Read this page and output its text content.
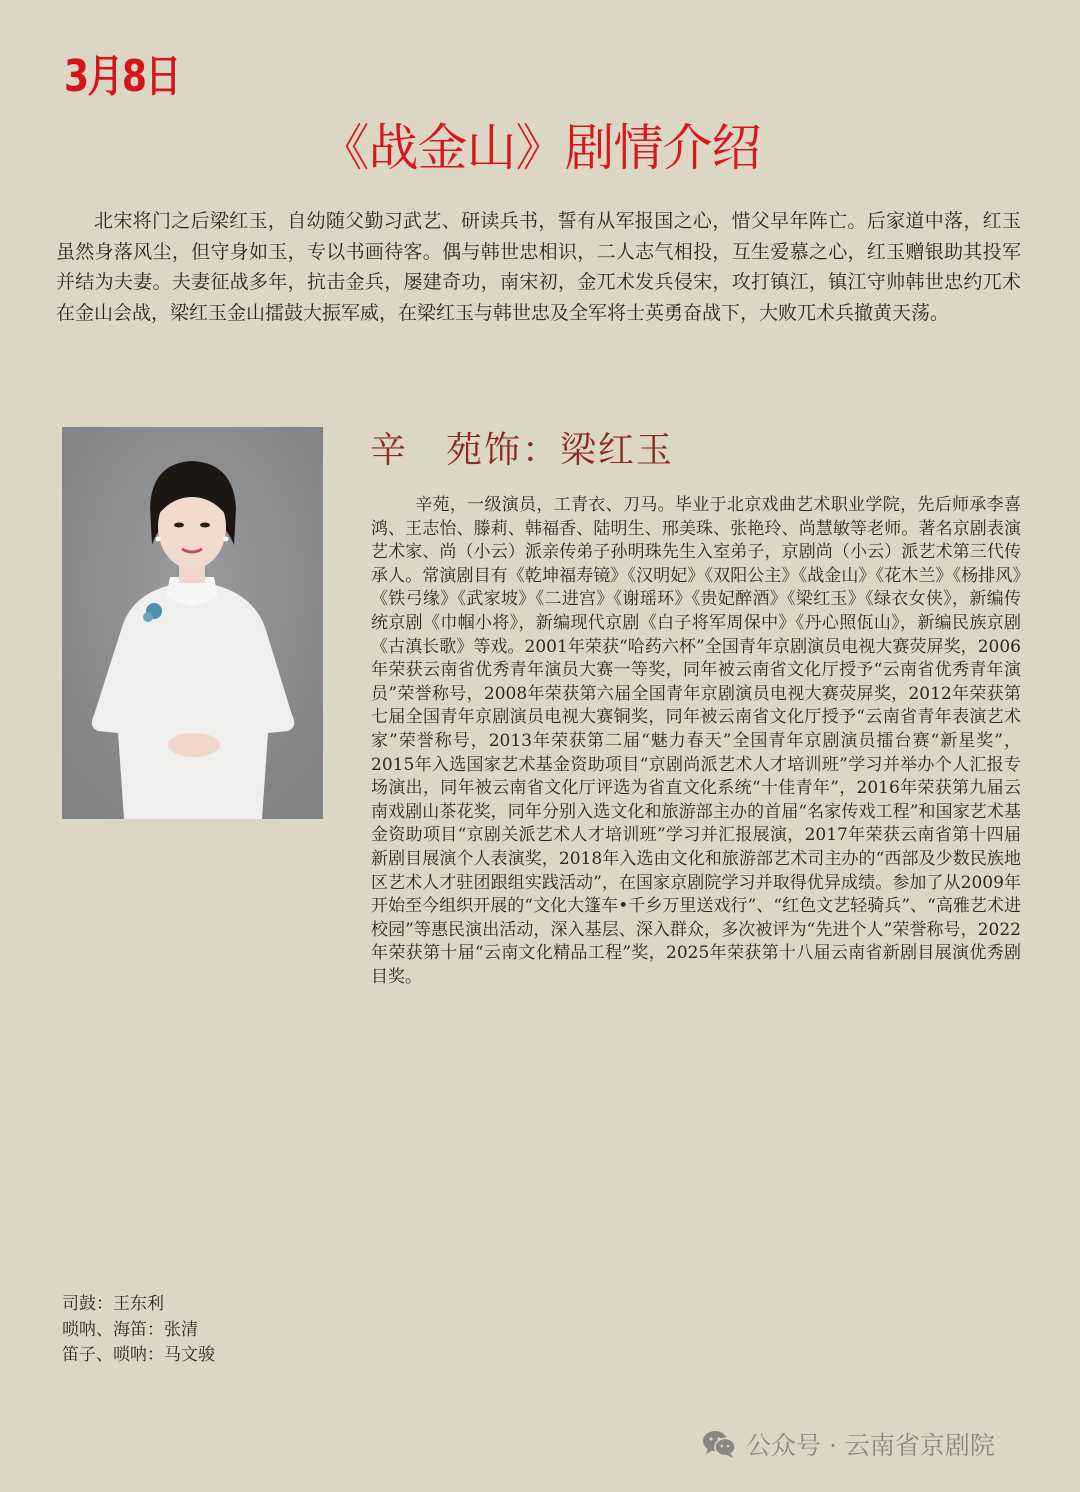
3月8日
《战金山》剧情介绍

北宋将门之后梁红玉，自幼随父勤习武艺、研读兵书，誓有从军报国之心，惜父早年阵亡。后家道中落，红玉虽然身落风尘，但守身如玉，专以书画待客。偶与韩世忠相识，二人志气相投，互生爱慕之心，红玉赠银助其投军并结为夫妻。夫妻征战多年，抗击金兵，屡建奇功，南宋初，金兀术发兵侵宋，攻打镇江，镇江守帅韩世忠约兀术在金山会战，梁红玉金山擂鼓大振军威，在梁红玉与韩世忠及全军将士英勇奋战下，大败兀术兵撤黄天荡。

辛　苑饰：梁红玉

辛苑，一级演员，工青衣、刀马。毕业于北京戏曲艺术职业学院，先后师承李喜鸿、王志怡、滕莉、韩福香、陆明生、邢美珠、张艳玲、尚慧敏等老师。著名京剧表演艺术家、尚（小云）派亲传弟子孙明珠先生入室弟子，京剧尚（小云）派艺术第三代传承人。常演剧目有《乾坤福寿镜》《汉明妃》《双阳公主》《战金山》《花木兰》《杨排风》《铁弓缘》《武家坡》《二进宫》《谢瑶环》《贵妃醉酒》《梁红玉》《绿衣女侠》，新编传统京剧《巾帼小将》，新编现代京剧《白子将军周保中》《丹心照佤山》，新编民族京剧《古滇长歌》等戏。2001年荣获“哈药六杯”全国青年京剧演员电视大赛荧屏奖，2006年荣获云南省优秀青年演员大赛一等奖，同年被云南省文化厅授予“云南省优秀青年演员”荣誉称号，2008年荣获第六届全国青年京剧演员电视大赛荧屏奖，2012年荣获第七届全国青年京剧演员电视大赛铜奖，同年被云南省文化厅授予“云南省青年表演艺术家”荣誉称号，2013年荣获第二届“魅力春天”全国青年京剧演员擂台赛“新星奖”，2015年入选国家艺术基金资助项目“京剧尚派艺术人才培训班”学习并举办个人汇报专场演出，同年被云南省文化厅评选为省直文化系统“十佳青年”，2016年荣获第九届云南戏剧山茶花奖，同年分别入选文化和旅游部主办的首届“名家传戏工程”和国家艺术基金资助项目“京剧关派艺术人才培训班”学习并汇报展演，2017年荣获云南省第十四届新剧目展演个人表演奖，2018年入选由文化和旅游部艺术司主办的“西部及少数民族地区艺术人才驻团跟组实践活动”，在国家京剧院学习并取得优异成绩。参加了从2009年开始至今组织开展的“文化大篷车•千乡万里送戏行”、“红色文艺轻骑兵”、“高雅艺术进校园”等惠民演出活动，深入基层、深入群众，多次被评为“先进个人”荣誉称号，2022年荣获第十届“云南文化精品工程”奖，2025年荣获第十八届云南省新剧目展演优秀剧目奖。

司鼓：王东利
唢呐、海笛：张清
笛子、唢呐：马文骏
公众号 · 云南省京剧院
